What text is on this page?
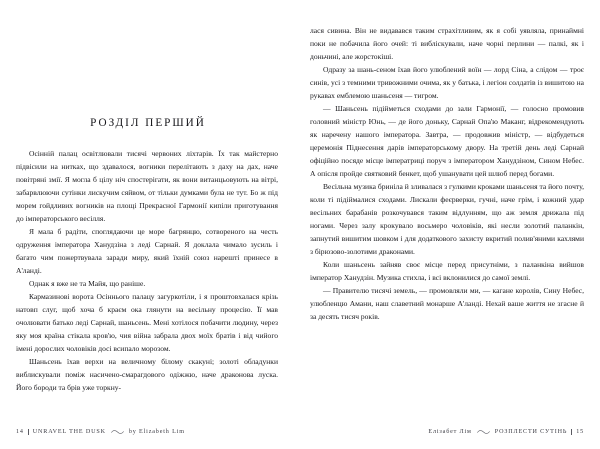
РОЗДІЛ ПЕРШИЙ

Осінній палац освітлювали тисячі червоних ліхтарів. Їх так майстерно підвісили на нитках, що здавалося, вогники перелітають з даху на дах, наче повітряні змії. Я могла б цілу ніч спостерігати, як вони витанцьовують на вітрі, забарвлюючи сутінки лискучим сяйвом, от тільки думками була не тут. Бо ж під морем гойдливих вогників на площі Прекрасної Гармонії кипіли приготування до імператорського весілля.

Я мала б радіти, споглядаючи це море багрянцю, сотвореного на честь одруження імператора Ханудзіна з леді Сарнай. Я доклала чимало зусиль і багато чим пожертвувала заради миру, який їхній союз нарешті принесе в А'ланді.

Однак я вже не та Майя, що раніше.

Кармазинові ворота Осіннього палацу загуркотіли, і я проштовхалася крізь натовп слуг, щоб хоча б краєм ока глянути на весільну процесію. Її мав очолювати батько леді Сарнай, шаньсень. Мені хотілося побачити людину, через яку моя країна стікала кров'ю, чия війна забрала двох моїх братів і від чийого імені дорослих чоловіків досі всипало морозом.

Шаньсень їхав верхи на величному білому скакуні; золоті обладунки виблискували поміж насичено-смарагдового одіжжю, наче драконова луска. Його бороди та брів уже торкну-

14 UNRAVEL THE DUSK	by Elizabeth Lim

лася сивина. Він не видавався таким страхітливим, як я собі уявляла, принаймні поки не побачила його очей: ті вибліскували, наче чорні перлини — палкі, як і доньчині, але жорстокіші.

Одразу за шань-сеном їхав його улюблений воїн — лорд Сіна, а слідом — троє синів, усі з темними тривожними очима, як у батька, і легіон солдатів із вишитою на рукавах емблемою шаньсеня — тигром.

— Шаньсень підійметься сходами до зали Гармонії, — голосно промовив головний міністр Юнь, — де його доньку, Сарнай Опа'ю Маканг, відрекомендують як наречену нашого імператора. Завтра, — продовжив міністр, — відбудеться церемонія Піднесення дарів імператорському двору. На третій день леді Сарнай офіційно посяде місце імператриці поруч з імператором Ханудзіном, Сином Небес. А опісля пройде святковий бенкет, щоб ушанувати цей шлюб перед богами.

Весільна музика бриніла й зливалася з гулкими кроками шаньсеня та його почту, коли ті підіймалися сходами. Лискали феєрверки, гучні, наче грім, і кожний удар весільних барабанів розкочувався таким відлунням, що аж земля дрижала під ногами. Через залу крокувало восьмеро чоловіків, які несли золотий паланкін, запнутий вишитим шовком і для додаткового захисту вкритий полив'яними кахлями з бірюзово-золотими драконами.

Коли шаньсень зайняв своє місце перед присутніми, з паланкіна вийшов імператор Ханудзін. Музика стихла, і всі вклонилися до самої землі.

— Правителю тисячі земель, — промовляли ми, — кагане королів, Сину Небес, улюбленцю Амани, наш славетний монарше А'ланді. Нехай ваше життя не згасне й за десять тисяч років.

Елізабет Лім	РОЗПЛЕСТИ СУТІНЬ 15
